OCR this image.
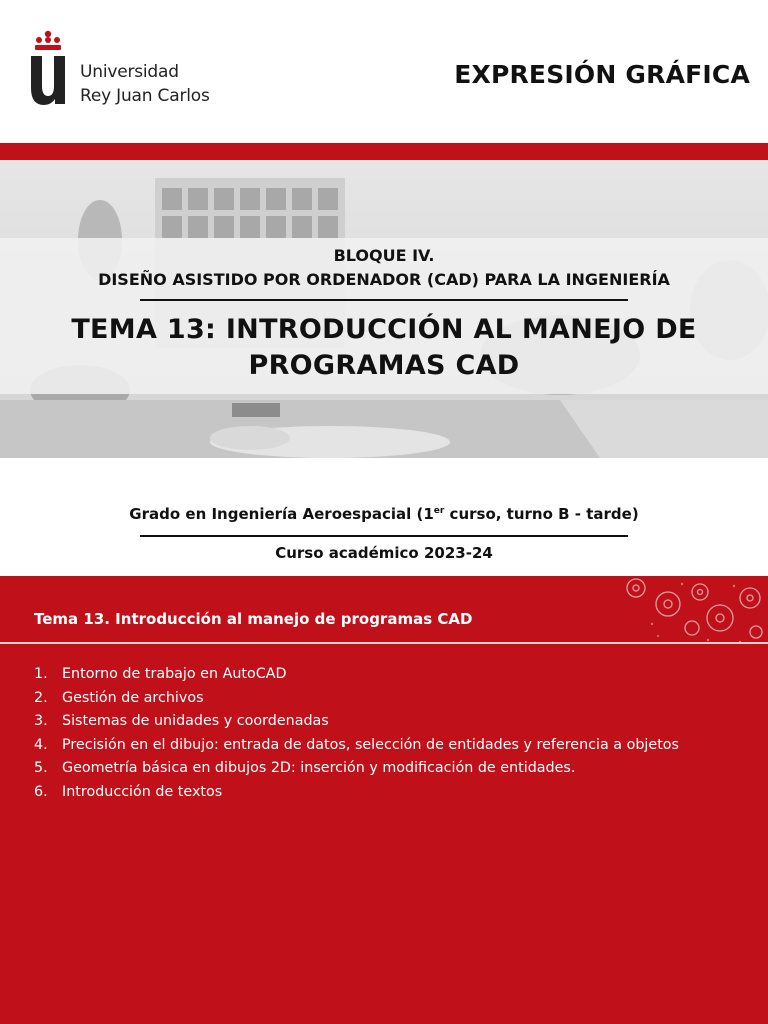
Universidad
Rey Juan Carlos
EXPRESIÓN GRÁFICA
BLOQUE IV.
DISEÑO ASISTIDO POR ORDENADOR (CAD) PARA LA INGENIERÍA
TEMA 13: INTRODUCCIÓN AL MANEJO DE
PROGRAMAS CAD
Grado en Ingeniería Aeroespacial (1er curso, turno B - tarde)
Curso académico 2023-24
Tema 13. Introducción al manejo de programas CAD
1. Entorno de trabajo en AutoCAD
2. Gestión de archivos
3. Sistemas de unidades y coordenadas
4. Precisión en el dibujo: entrada de datos, selección de entidades y referencia a objetos
5. Geometría básica en dibujos 2D: inserción y modificación de entidades.
6. Introducción de textos
